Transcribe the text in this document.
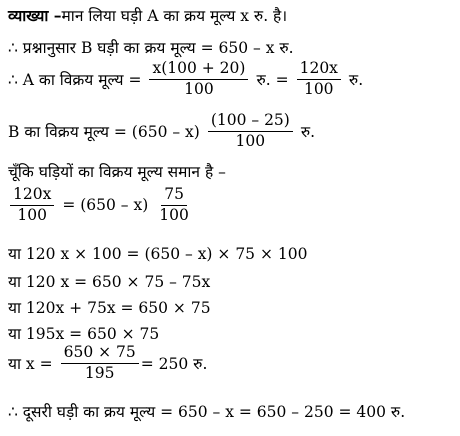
व्याख्या – मान लिया घड़ी A का क्रय मूल्य x रु. है।
∴ प्रश्नानुसार B घड़ी का क्रय मूल्य = 650 – x रु.
∴ A का विक्रय मूल्य = $\frac{x(100 + 20)}{100}$ रु. = $\frac{120x}{100}$ रु.
B का विक्रय मूल्य = $(650 - x) \frac{(100 - 25)}{100}$ रु.
चूँकि घड़ियों का विक्रय मूल्य समान है –
$\frac{120x}{100} = (650 - x) \frac{75}{100}$
या 120 x × 100 = (650 – x) × 75 × 100
या 120 x = 650 × 75 – 75x
या 120x + 75x = 650 × 75
या 195x = 650 × 75
या $x = \frac{650 \times 75}{195} = 250$ रु.
∴ दूसरी घड़ी का क्रय मूल्य = 650 – x = 650 – 250 = 400 रु.
